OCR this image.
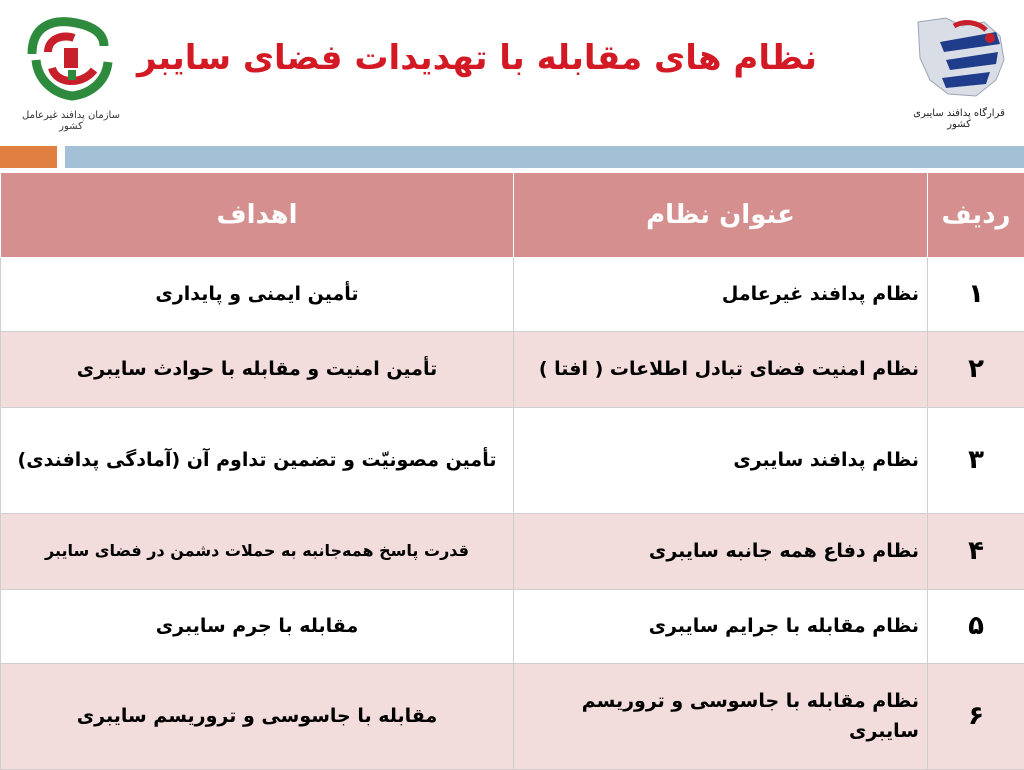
سازمان پدافند غیرعامل کشور
نظام های مقابله با تهدیدات فضای سایبر
قرارگاه پدافند سایبری کشور
ردیف	عنوان نظام	اهداف
۱	نظام پدافند غیرعامل	تأمین ایمنی و پایداری
۲	نظام امنیت فضای تبادل اطلاعات ( افتا )	تأمین امنیت و مقابله با حوادث سایبری
۳	نظام پدافند سایبری	تأمین مصونیّت و تضمین تداوم آن (آمادگی پدافندی)
۴	نظام دفاع همه جانبه سایبری	قدرت پاسخ همه‌جانبه به حملات دشمن در فضای سایبر
۵	نظام مقابله با جرایم سایبری	مقابله با جرم سایبری
۶	نظام مقابله با جاسوسی و تروریسم سایبری	مقابله با جاسوسی و تروریسم سایبری
